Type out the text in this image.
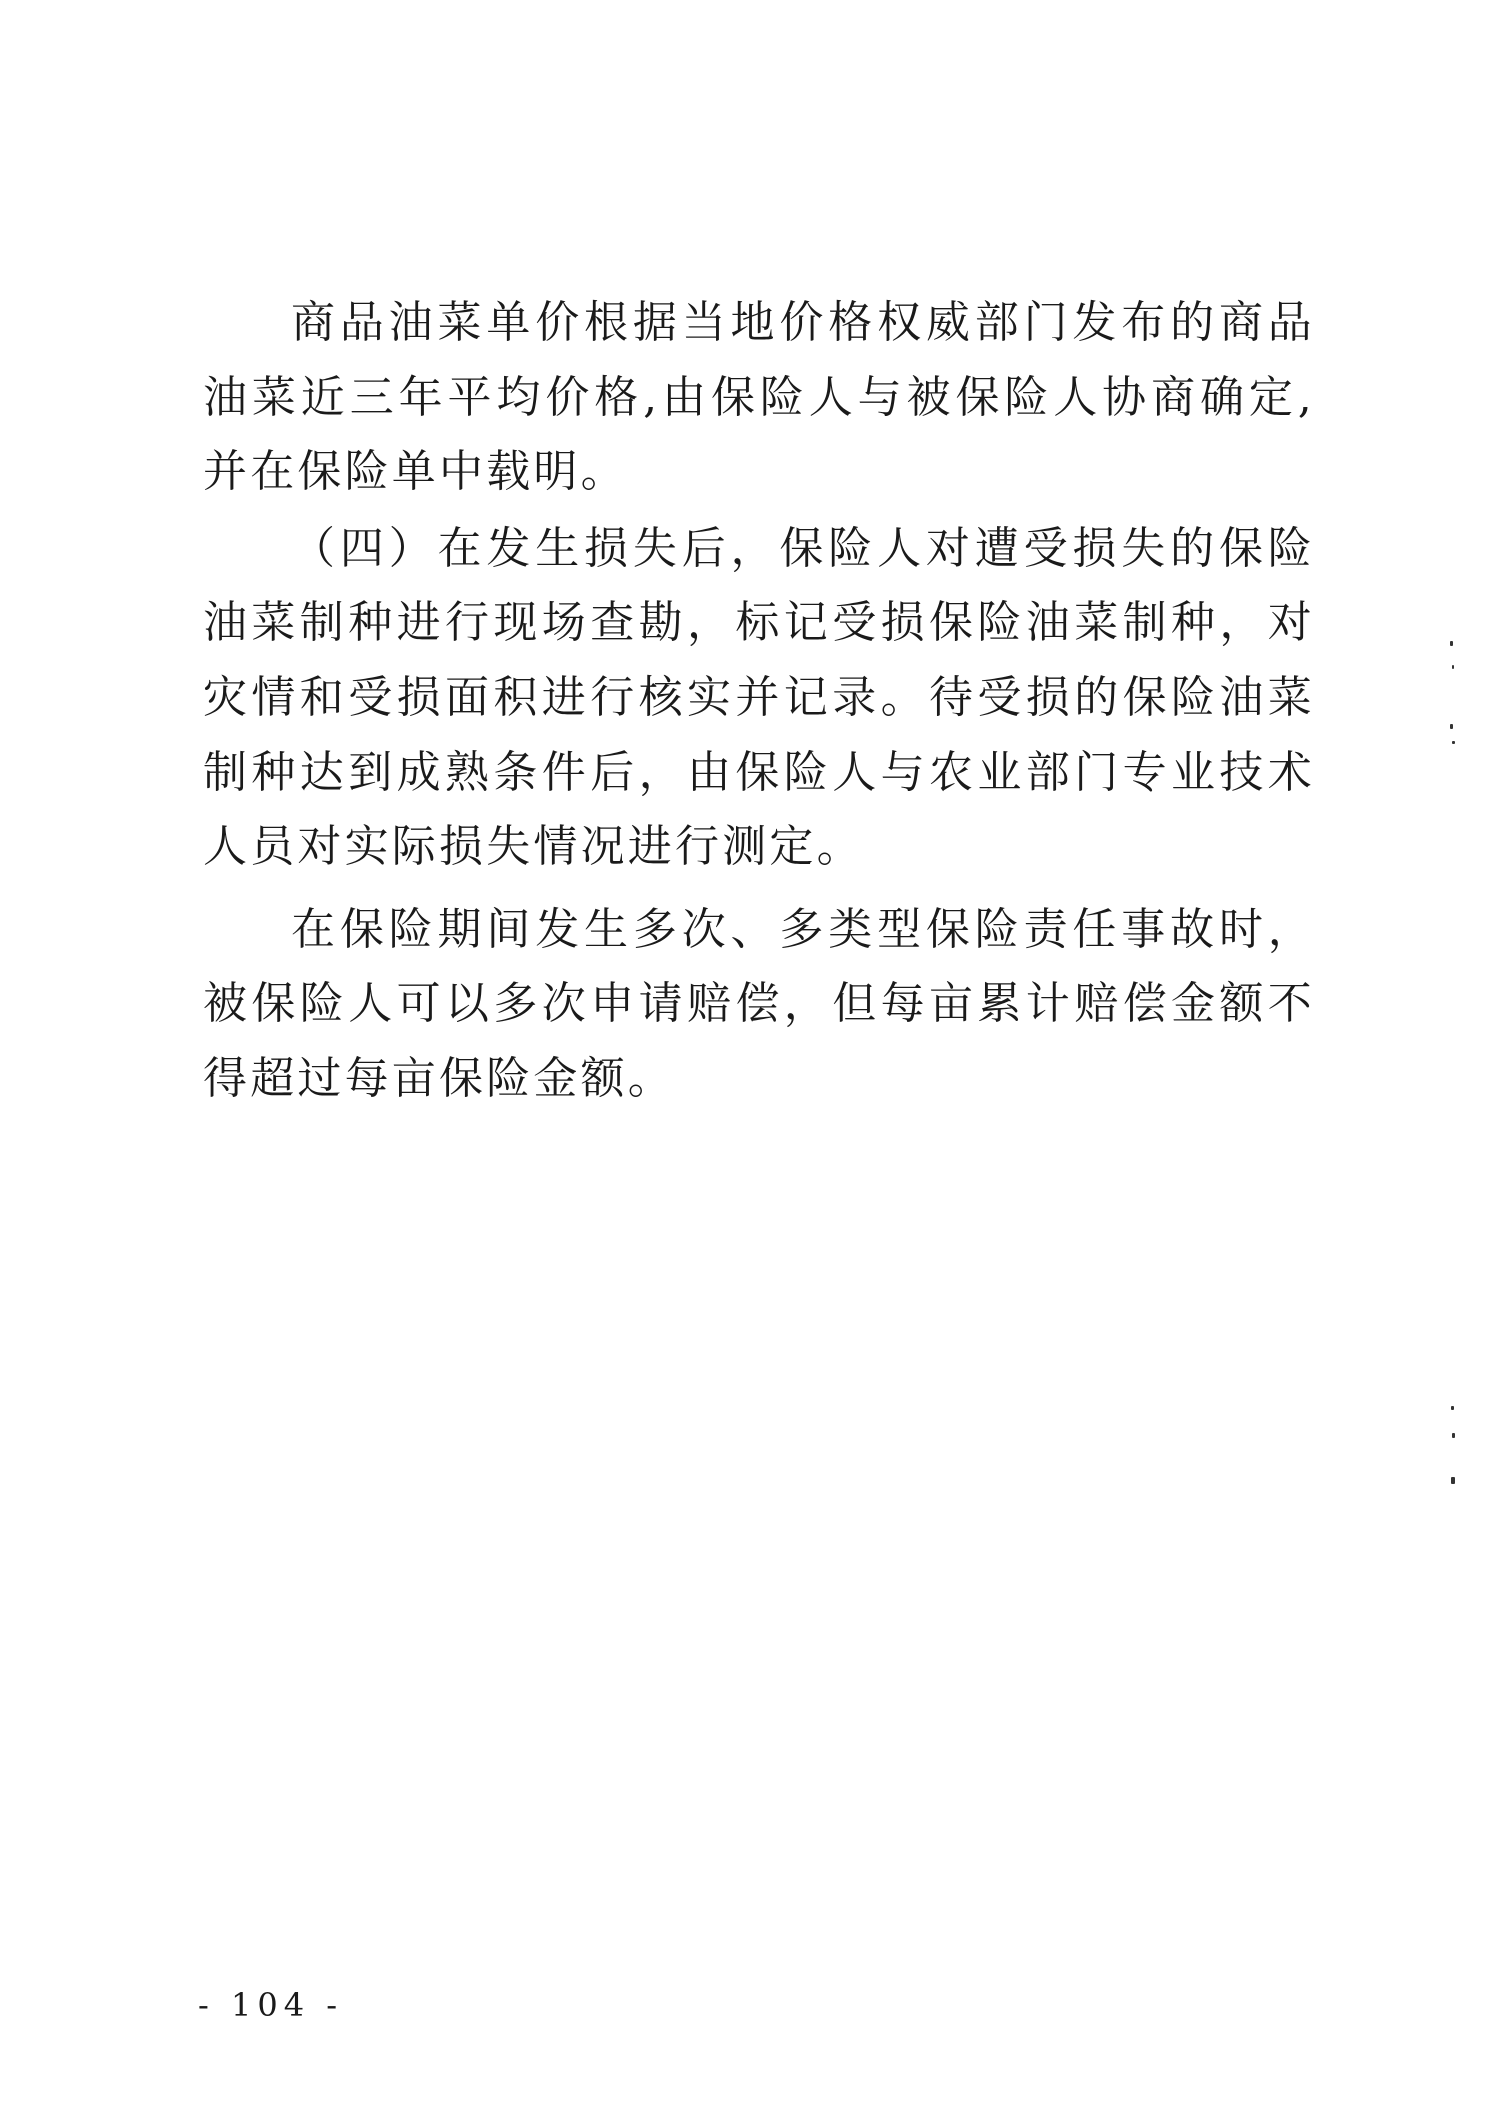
商品油菜单价根据当地价格权威部门发布的商品油菜近三年平均价格,由保险人与被保险人协商确定,并在保险单中载明。

（四）在发生损失后，保险人对遭受损失的保险油菜制种进行现场查勘，标记受损保险油菜制种，对灾情和受损面积进行核实并记录。待受损的保险油菜制种达到成熟条件后，由保险人与农业部门专业技术人员对实际损失情况进行测定。

在保险期间发生多次、多类型保险责任事故时，被保险人可以多次申请赔偿，但每亩累计赔偿金额不得超过每亩保险金额。

- 104 -
